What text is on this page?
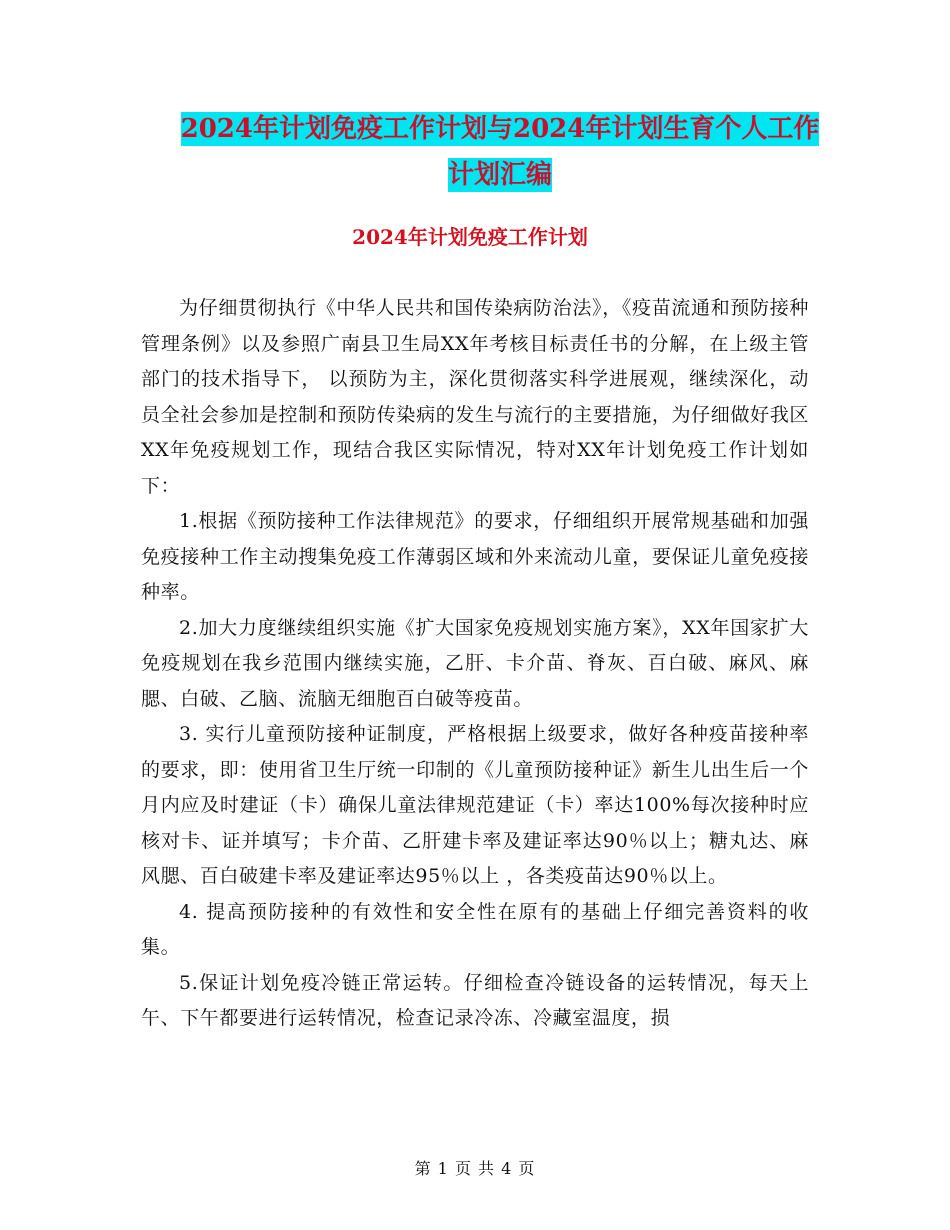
2024年计划免疫工作计划与2024年计划生育个人工作
计划汇编
2024年计划免疫工作计划

为仔细贯彻执行《中华人民共和国传染病防治法》，《疫苗流通和预防接种管理条例》以及参照广南县卫生局XX年考核目标责任书的分解，在上级主管部门的技术指导下， 以预防为主，深化贯彻落实科学进展观，继续深化，动员全社会参加是控制和预防传染病的发生与流行的主要措施，为仔细做好我区XX年免疫规划工作，现结合我区实际情况，特对XX年计划免疫工作计划如下：

1.根据《预防接种工作法律规范》的要求，仔细组织开展常规基础和加强免疫接种工作主动搜集免疫工作薄弱区域和外来流动儿童，要保证儿童免疫接种率。

2.加大力度继续组织实施《扩大国家免疫规划实施方案》，XX年国家扩大免疫规划在我乡范围内继续实施，乙肝、卡介苗、脊灰、百白破、麻风、麻腮、白破、乙脑、流脑无细胞百白破等疫苗。

3. 实行儿童预防接种证制度，严格根据上级要求，做好各种疫苗接种率的要求，即：使用省卫生厅统一印制的《儿童预防接种证》新生儿出生后一个月内应及时建证（卡）确保儿童法律规范建证（卡）率达100%每次接种时应核对卡、证并填写；卡介苗、乙肝建卡率及建证率达90％以上；糖丸达、麻风腮、百白破建卡率及建证率达95％以上 ，各类疫苗达90％以上。

4. 提高预防接种的有效性和安全性在原有的基础上仔细完善资料的收集。

5.保证计划免疫冷链正常运转。仔细检查冷链设备的运转情况，每天上午、下午都要进行运转情况，检查记录冷冻、冷藏室温度，损

第 1 页 共 4 页
